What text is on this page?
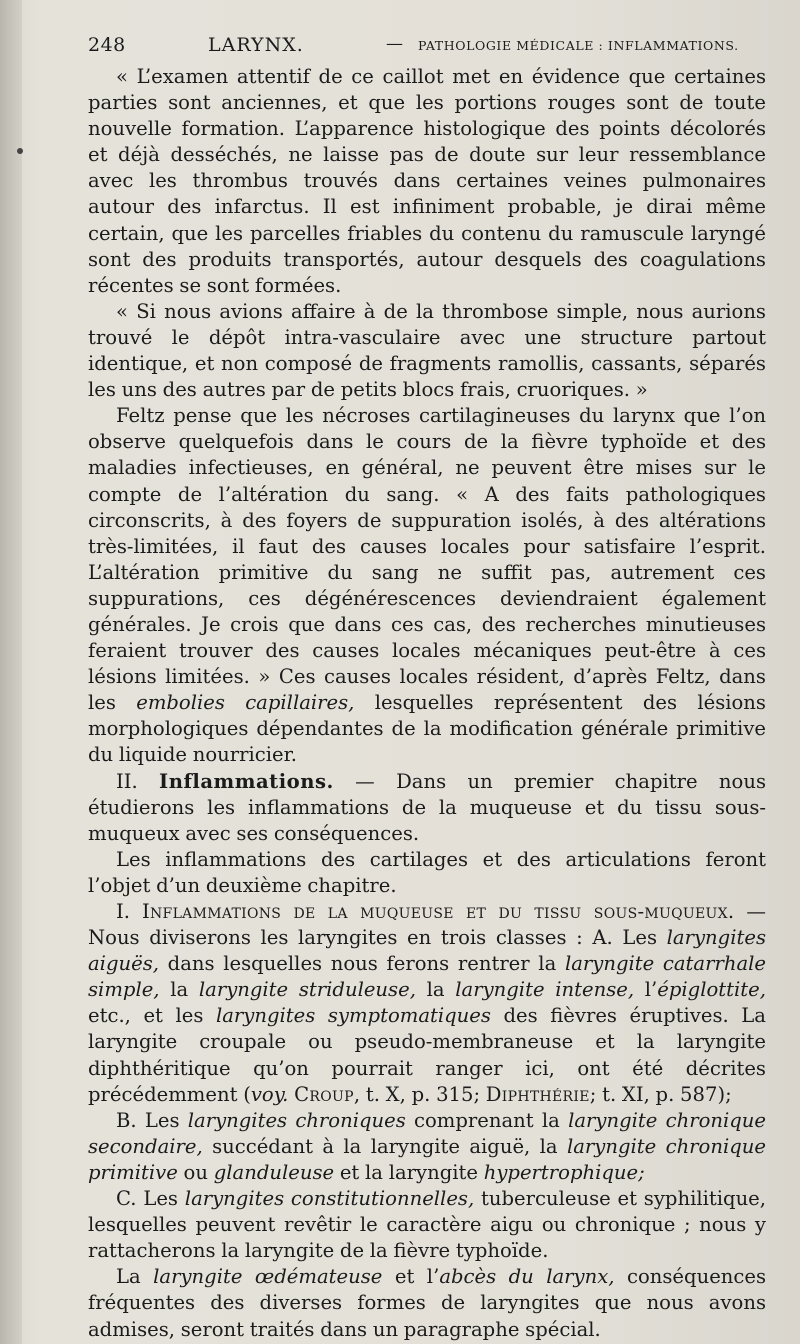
248	LARYNX.	— PATHOLOGIE MÉDICALE : INFLAMMATIONS.

« L’examen attentif de ce caillot met en évidence que certaines parties sont anciennes, et que les portions rouges sont de toute nouvelle formation. L’apparence histologique des points décolorés et déjà desséchés, ne laisse pas de doute sur leur ressemblance avec les thrombus trouvés dans certaines veines pulmonaires autour des infarctus. Il est infiniment probable, je dirai même certain, que les parcelles friables du contenu du ramuscule laryngé sont des produits transportés, autour desquels des coagulations récentes se sont formées.

« Si nous avions affaire à de la thrombose simple, nous aurions trouvé le dépôt intra-vasculaire avec une structure partout identique, et non composé de fragments ramollis, cassants, séparés les uns des autres par de petits blocs frais, cruoriques. »

Feltz pense que les nécroses cartilagineuses du larynx que l’on observe quelquefois dans le cours de la fièvre typhoïde et des maladies infectieuses, en général, ne peuvent être mises sur le compte de l’altération du sang. « A des faits pathologiques circonscrits, à des foyers de suppuration isolés, à des altérations très-limitées, il faut des causes locales pour satisfaire l’esprit. L’altération primitive du sang ne suffit pas, autrement ces suppurations, ces dégénérescences deviendraient également générales. Je crois que dans ces cas, des recherches minutieuses feraient trouver des causes locales mécaniques peut-être à ces lésions limitées. » Ces causes locales résident, d’après Feltz, dans les embolies capillaires, lesquelles représentent des lésions morphologiques dépendantes de la modification générale primitive du liquide nourricier.

II. Inflammations. — Dans un premier chapitre nous étudierons les inflammations de la muqueuse et du tissu sous-muqueux avec ses conséquences.

Les inflammations des cartilages et des articulations feront l’objet d’un deuxième chapitre.

I. Inflammations de la muqueuse et du tissu sous-muqueux. — Nous diviserons les laryngites en trois classes : A. Les laryngites aiguës, dans lesquelles nous ferons rentrer la laryngite catarrhale simple, la laryngite striduleuse, la laryngite intense, l’épiglottite, etc., et les laryngites symptomatiques des fièvres éruptives. La laryngite croupale ou pseudo-membraneuse et la laryngite diphthéritique qu’on pourrait ranger ici, ont été décrites précédemment (voy. Croup, t. X, p. 315; Diphthérie; t. XI, p. 587);

B. Les laryngites chroniques comprenant la laryngite chronique secondaire, succédant à la laryngite aiguë, la laryngite chronique primitive ou glanduleuse et la laryngite hypertrophique;

C. Les laryngites constitutionnelles, tuberculeuse et syphilitique, lesquelles peuvent revêtir le caractère aigu ou chronique ; nous y rattacherons la laryngite de la fièvre typhoïde.

La laryngite œdémateuse et l’abcès du larynx, conséquences fréquentes des diverses formes de laryngites que nous avons admises, seront traités dans un paragraphe spécial.
